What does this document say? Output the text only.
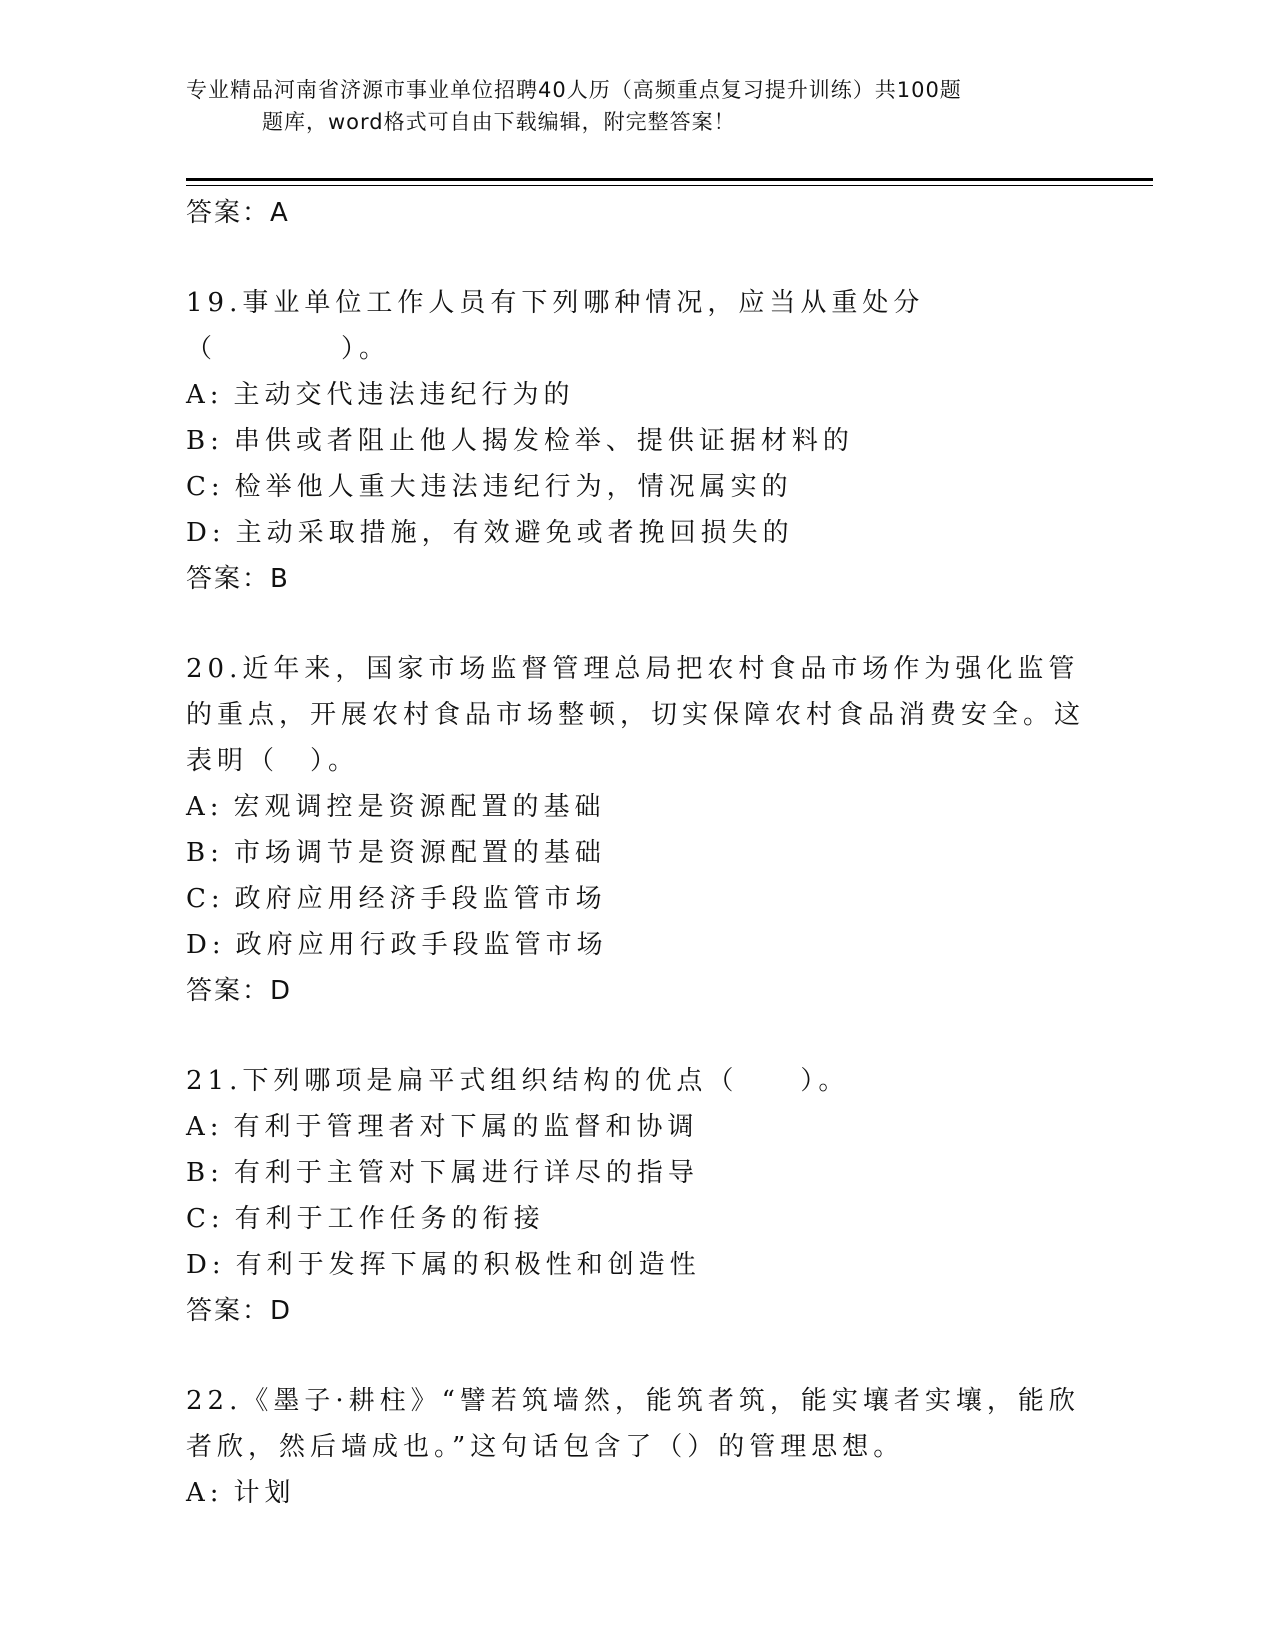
专业精品河南省济源市事业单位招聘40人历（高频重点复习提升训练）共100题
题库，word格式可自由下载编辑，附完整答案！
答案：A
19.事业单位工作人员有下列哪种情况，应当从重处分（　　　　）。
A: 主动交代违法违纪行为的
B: 串供或者阻止他人揭发检举、提供证据材料的
C: 检举他人重大违法违纪行为，情况属实的
D: 主动采取措施，有效避免或者挽回损失的
答案：B
20.近年来，国家市场监督管理总局把农村食品市场作为强化监管的重点，开展农村食品市场整顿，切实保障农村食品消费安全。这表明（　）。
A: 宏观调控是资源配置的基础
B: 市场调节是资源配置的基础
C: 政府应用经济手段监管市场
D: 政府应用行政手段监管市场
答案：D
21.下列哪项是扁平式组织结构的优点（　　）。
A: 有利于管理者对下属的监督和协调
B: 有利于主管对下属进行详尽的指导
C: 有利于工作任务的衔接
D: 有利于发挥下属的积极性和创造性
答案：D
22.《墨子·耕柱》“譬若筑墙然，能筑者筑，能实壤者实壤，能欣者欣，然后墙成也。”这句话包含了（）的管理思想。
A: 计划
